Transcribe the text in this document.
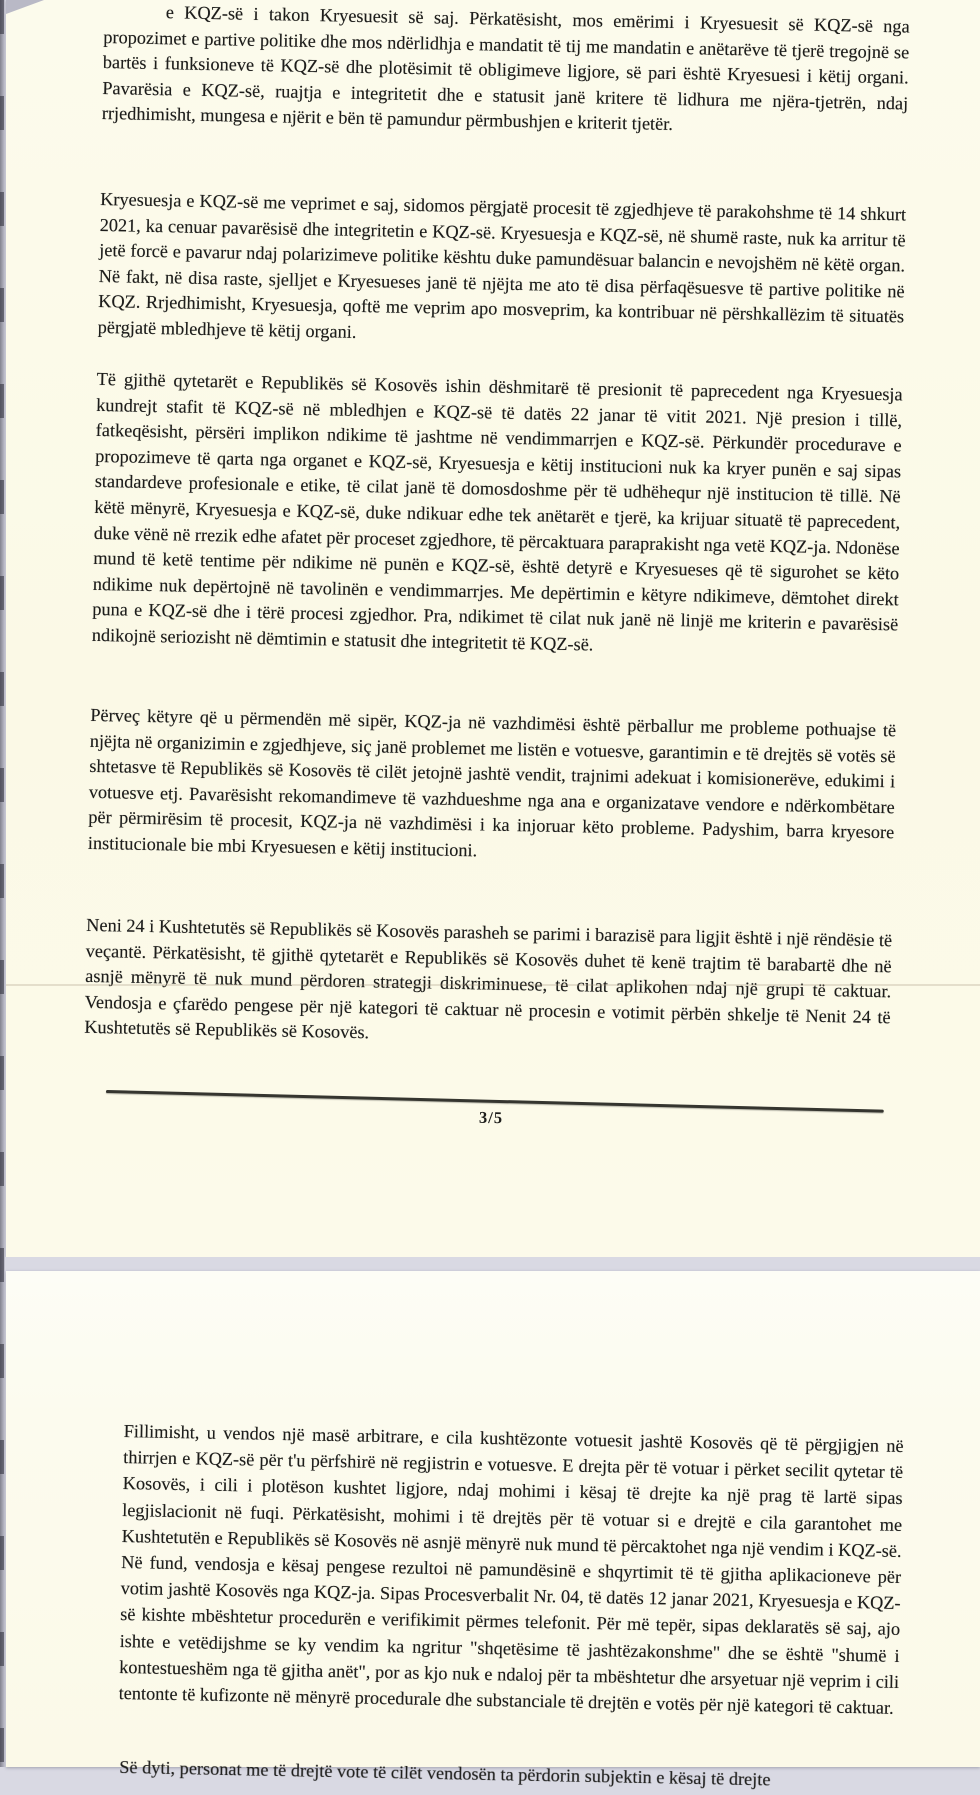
e KQZ-së i takon Kryesuesit së saj. Përkatësisht, mos emërimi i Kryesuesit së KQZ-së nga propozimet e partive politike dhe mos ndërlidhja e mandatit të tij me mandatin e anëtarëve të tjerë tregojnë se bartës i funksioneve të KQZ-së dhe plotësimit të obligimeve ligjore, së pari është Kryesuesi i këtij organi. Pavarësia e KQZ-së, ruajtja e integritetit dhe e statusit janë kritere të lidhura me njëra-tjetrën, ndaj rrjedhimisht, mungesa e njërit e bën të pamundur përmbushjen e kriterit tjetër.

Kryesuesja e KQZ-së me veprimet e saj, sidomos përgjatë procesit të zgjedhjeve të parakohshme të 14 shkurt 2021, ka cenuar pavarësisë dhe integritetin e KQZ-së. Kryesuesja e KQZ-së, në shumë raste, nuk ka arritur të jetë forcë e pavarur ndaj polarizimeve politike kështu duke pamundësuar balancin e nevojshëm në këtë organ. Në fakt, në disa raste, sjelljet e Kryesueses janë të njëjta me ato të disa përfaqësuesve të partive politike në KQZ. Rrjedhimisht, Kryesuesja, qoftë me veprim apo mosveprim, ka kontribuar në përshkallëzim të situatës përgjatë mbledhjeve të këtij organi.

Të gjithë qytetarët e Republikës së Kosovës ishin dëshmitarë të presionit të paprecedent nga Kryesuesja kundrejt stafit të KQZ-së në mbledhjen e KQZ-së të datës 22 janar të vitit 2021. Një presion i tillë, fatkeqësisht, përsëri implikon ndikime të jashtme në vendimmarrjen e KQZ-së. Përkundër procedurave e propozimeve të qarta nga organet e KQZ-së, Kryesuesja e këtij institucioni nuk ka kryer punën e saj sipas standardeve profesionale e etike, të cilat janë të domosdoshme për të udhëhequr një institucion të tillë. Në këtë mënyrë, Kryesuesja e KQZ-së, duke ndikuar edhe tek anëtarët e tjerë, ka krijuar situatë të paprecedent, duke vënë në rrezik edhe afatet për proceset zgjedhore, të përcaktuara paraprakisht nga vetë KQZ-ja. Ndonëse mund të ketë tentime për ndikime në punën e KQZ-së, është detyrë e Kryesueses që të sigurohet se këto ndikime nuk depërtojnë në tavolinën e vendimmarrjes. Me depërtimin e këtyre ndikimeve, dëmtohet direkt puna e KQZ-së dhe i tërë procesi zgjedhor. Pra, ndikimet të cilat nuk janë në linjë me kriterin e pavarësisë ndikojnë seriozisht në dëmtimin e statusit dhe integritetit të KQZ-së.

Përveç këtyre që u përmendën më sipër, KQZ-ja në vazhdimësi është përballur me probleme pothuajse të njëjta në organizimin e zgjedhjeve, siç janë problemet me listën e votuesve, garantimin e të drejtës së votës së shtetasve të Republikës së Kosovës të cilët jetojnë jashtë vendit, trajnimi adekuat i komisionerëve, edukimi i votuesve etj. Pavarësisht rekomandimeve të vazhdueshme nga ana e organizatave vendore e ndërkombëtare për përmirësim të procesit, KQZ-ja në vazhdimësi i ka injoruar këto probleme. Padyshim, barra kryesore institucionale bie mbi Kryesuesen e këtij institucioni.

Neni 24 i Kushtetutës së Republikës së Kosovës parasheh se parimi i barazisë para ligjit është i një rëndësie të veçantë. Përkatësisht, të gjithë qytetarët e Republikës së Kosovës duhet të kenë trajtim të barabartë dhe në asnjë mënyrë të nuk mund përdoren strategji diskriminuese, të cilat aplikohen ndaj një grupi të caktuar. Vendosja e çfarëdo pengese për një kategori të caktuar në procesin e votimit përbën shkelje të Nenit 24 të Kushtetutës së Republikës së Kosovës.

3/5

Fillimisht, u vendos një masë arbitrare, e cila kushtëzonte votuesit jashtë Kosovës që të përgjigjen në thirrjen e KQZ-së për t'u përfshirë në regjistrin e votuesve. E drejta për të votuar i përket secilit qytetar të Kosovës, i cili i plotëson kushtet ligjore, ndaj mohimi i kësaj të drejte ka një prag të lartë sipas legjislacionit në fuqi. Përkatësisht, mohimi i të drejtës për të votuar si e drejtë e cila garantohet me Kushtetutën e Republikës së Kosovës në asnjë mënyrë nuk mund të përcaktohet nga një vendim i KQZ-së. Në fund, vendosja e kësaj pengese rezultoi në pamundësinë e shqyrtimit të të gjitha aplikacioneve për votim jashtë Kosovës nga KQZ-ja. Sipas Procesverbalit Nr. 04, të datës 12 janar 2021, Kryesuesja e KQZ-së kishte mbështetur procedurën e verifikimit përmes telefonit. Për më tepër, sipas deklaratës së saj, ajo ishte e vetëdijshme se ky vendim ka ngritur "shqetësime të jashtëzakonshme" dhe se është "shumë i kontestueshëm nga të gjitha anët", por as kjo nuk e ndaloj për ta mbështetur dhe arsyetuar një veprim i cili tentonte të kufizonte në mënyrë procedurale dhe substanciale të drejtën e votës për një kategori të caktuar.

Së dyti, personat me të drejtë vote të cilët vendosën ta përdorin subjektin e kësaj të drejte
